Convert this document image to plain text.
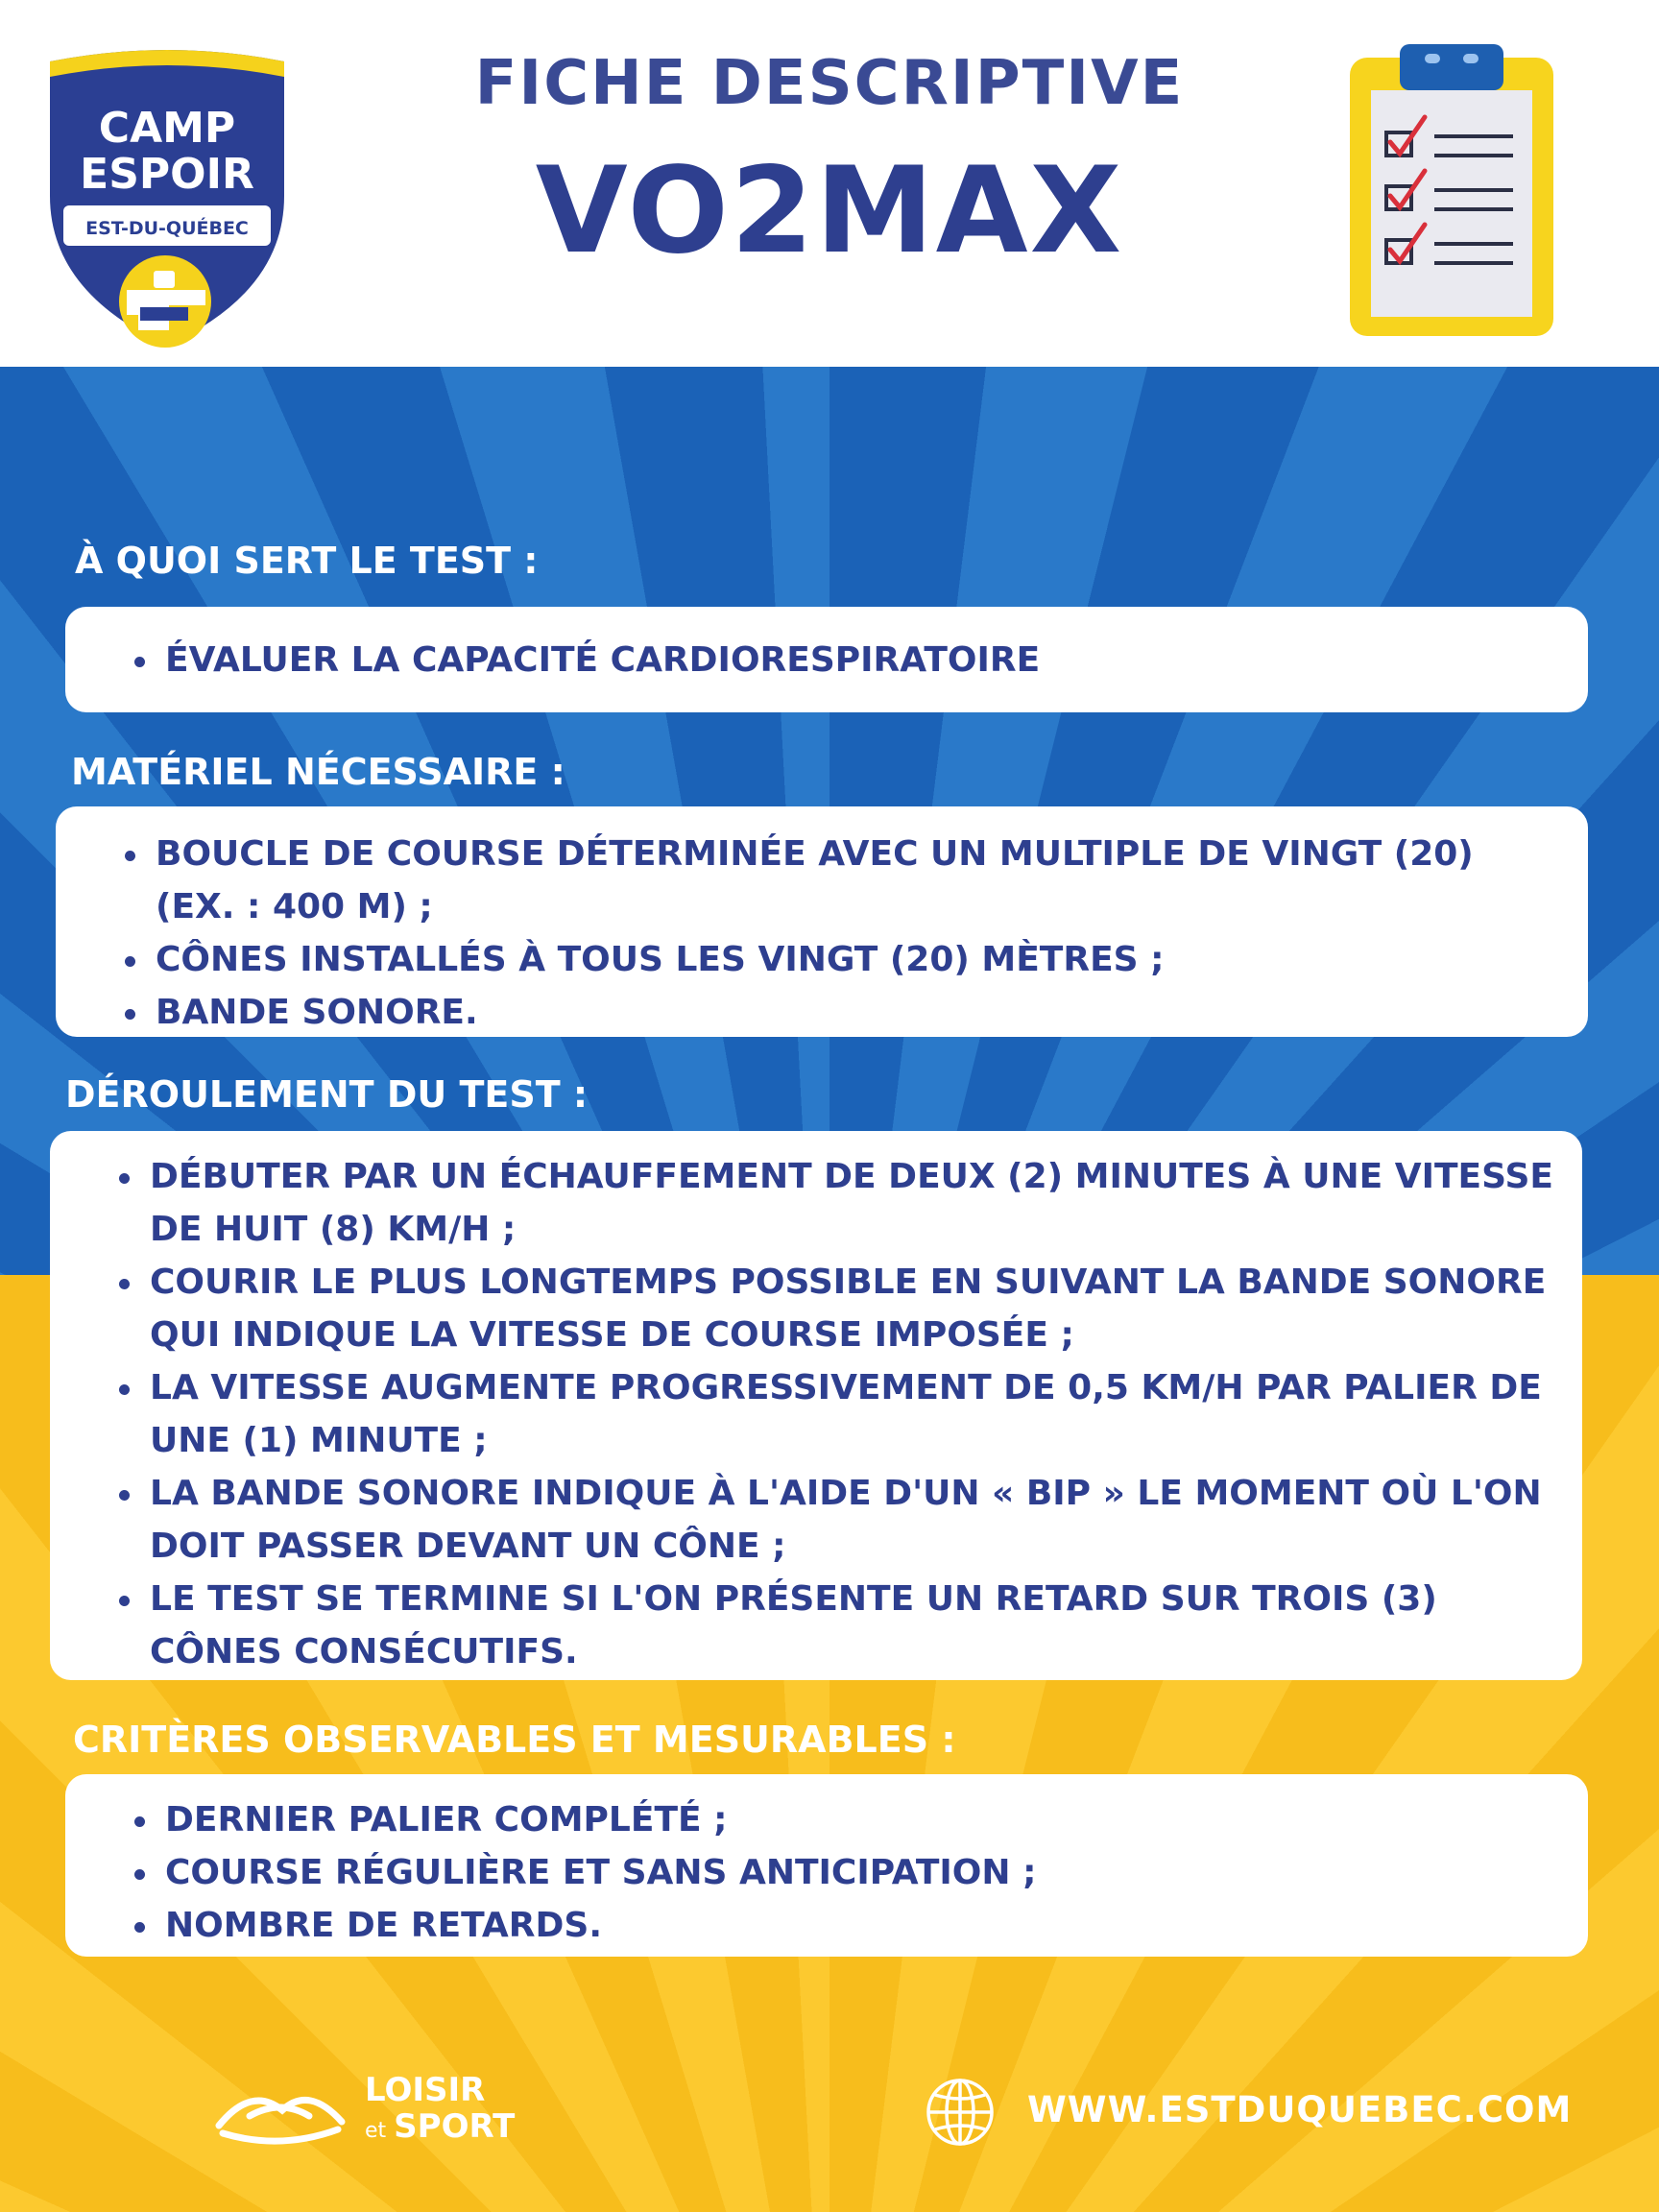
CAMP
ESPOIR
EST-DU-QUÉBEC
FICHE DESCRIPTIVE
VO2MAX
À QUOI SERT LE TEST :
ÉVALUER LA CAPACITÉ CARDIORESPIRATOIRE
MATÉRIEL NÉCESSAIRE :
BOUCLE DE COURSE DÉTERMINÉE AVEC UN MULTIPLE DE VINGT (20) (EX. : 400 M) ;
CÔNES INSTALLÉS À TOUS LES VINGT (20) MÈTRES ;
BANDE SONORE.
DÉROULEMENT DU TEST :
DÉBUTER PAR UN ÉCHAUFFEMENT DE DEUX (2) MINUTES À UNE VITESSE DE HUIT (8) KM/H ;
COURIR LE PLUS LONGTEMPS POSSIBLE EN SUIVANT LA BANDE SONORE QUI INDIQUE LA VITESSE DE COURSE IMPOSÉE ;
LA VITESSE AUGMENTE PROGRESSIVEMENT DE 0,5 KM/H PAR PALIER DE UNE (1) MINUTE ;
LA BANDE SONORE INDIQUE À L'AIDE D'UN « BIP » LE MOMENT OÙ L'ON DOIT PASSER DEVANT UN CÔNE ;
LE TEST SE TERMINE SI L'ON PRÉSENTE UN RETARD SUR TROIS (3) CÔNES CONSÉCUTIFS.
CRITÈRES OBSERVABLES ET MESURABLES :
DERNIER PALIER COMPLÉTÉ ;
COURSE RÉGULIÈRE ET SANS ANTICIPATION ;
NOMBRE DE RETARDS.
LOISIR
et SPORT	WWW.ESTDUQUEBEC.COM
